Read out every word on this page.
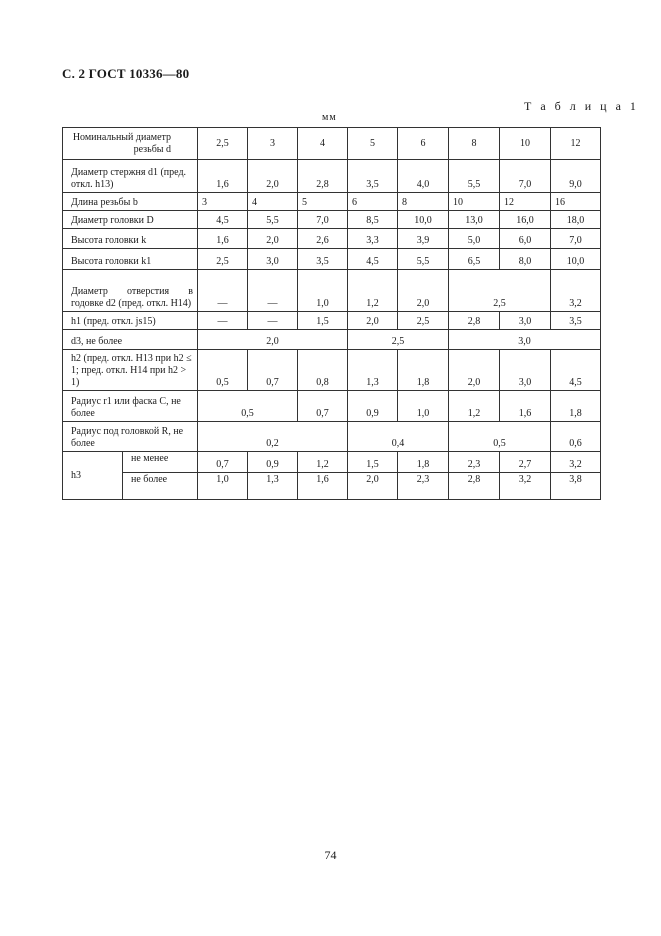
С. 2 ГОСТ 10336—80
Т а б л и ц а 1
мм
Номинальный диаметр резьбы d		2,5	3	4	5	6	8	10	12
Диаметр стержня d1 (пред. откл. h13)		1,6	2,0	2,8	3,5	4,0	5,5	7,0	9,0
Длина резьбы b		3	4	5	6	8	10	12	16
Диаметр головки D		4,5	5,5	7,0	8,5	10,0	13,0	16,0	18,0
Высота головки k		1,6	2,0	2,6	3,3	3,9	5,0	6,0	7,0
Высота головки k1		2,5	3,0	3,5	4,5	5,5	6,5	8,0	10,0
Диаметр отверстия в годовке d2 (пред. откл. Н14)		—	—	1,0	1,2	2,0	2,5		3,2
h1 (пред. откл. js15)		—	—	1,5	2,0	2,5	2,8	3,0	3,5
d3, не более		2,0			2,5		3,0		
h2 (пред. откл. Н13 при h2 ≤ 1; пред. откл. Н14 при h2 > 1)		0,5	0,7	0,8	1,3	1,8	2,0	3,0	4,5
Радиус r1 или фаска С, не более		0,5		0,7	0,9	1,0	1,2	1,6	1,8
Радиус под головкой R, не более		0,2			0,4		0,5		0,6
h3	не менее	0,7	0,9	1,2	1,5	1,8	2,3	2,7	3,2
	не более	1,0	1,3	1,6	2,0	2,3	2,8	3,2	3,8
74
